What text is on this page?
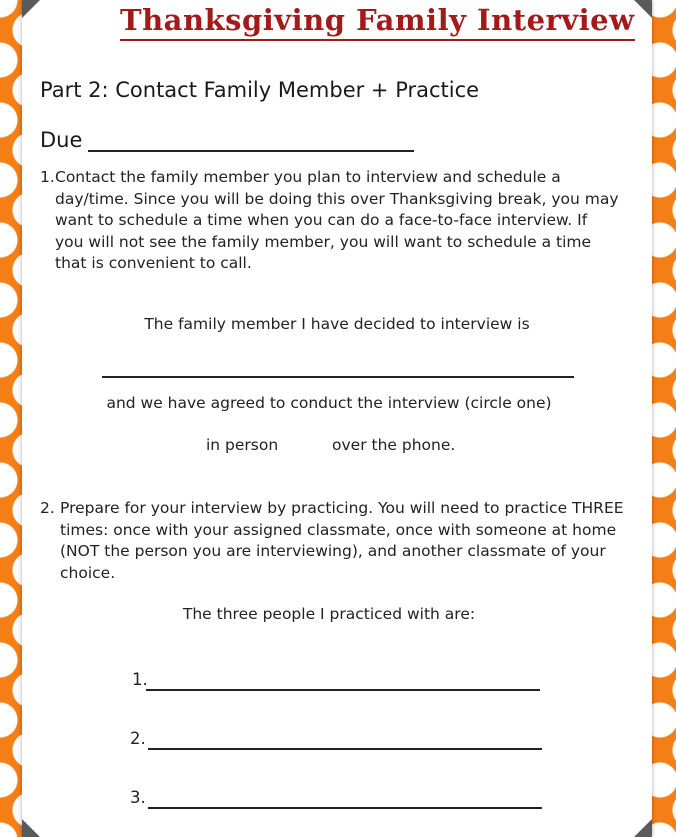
Thanksgiving Family Interview
Part 2: Contact Family Member + Practice
Due
1. Contact the family member you plan to interview and schedule a day/time. Since you will be doing this over Thanksgiving break, you may want to schedule a time when you can do a face-to-face interview. If you will not see the family member, you will want to schedule a time that is convenient to call.
The family member I have decided to interview is
and we have agreed to conduct the interview (circle one)
in person	over the phone.
2. Prepare for your interview by practicing. You will need to practice THREE times: once with your assigned classmate, once with someone at home (NOT the person you are interviewing), and another classmate of your choice.
The three people I practiced with are:
1.
2.
3.
